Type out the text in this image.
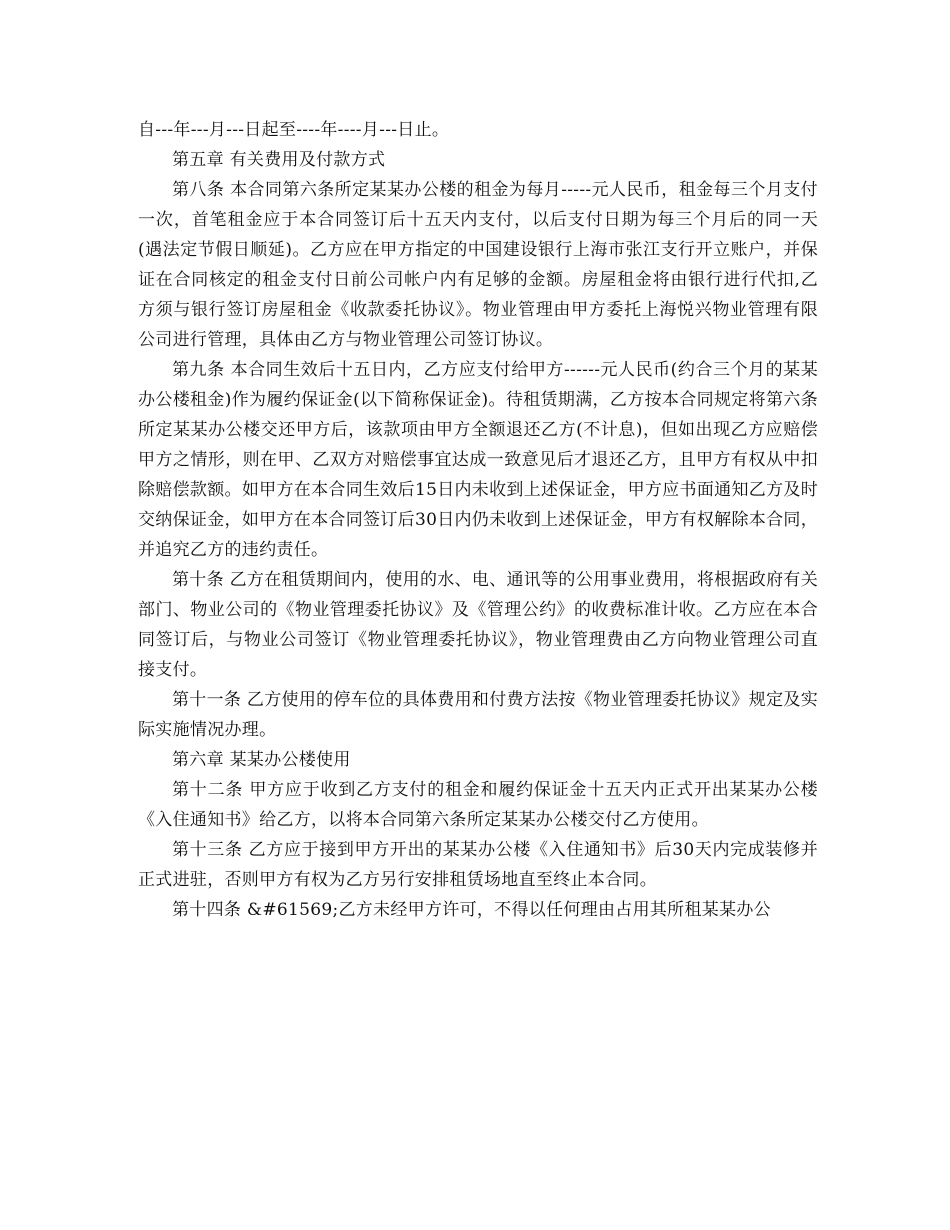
自---年---月---日起至----年----月---日止。

第五章 有关费用及付款方式

第八条 本合同第六条所定某某办公楼的租金为每月-----元人民币，租金每三个月支付一次，首笔租金应于本合同签订后十五天内支付，以后支付日期为每三个月后的同一天(遇法定节假日顺延)。乙方应在甲方指定的中国建设银行上海市张江支行开立账户，并保证在合同核定的租金支付日前公司帐户内有足够的金额。房屋租金将由银行进行代扣,乙方须与银行签订房屋租金《收款委托协议》。物业管理由甲方委托上海悦兴物业管理有限公司进行管理，具体由乙方与物业管理公司签订协议。

第九条 本合同生效后十五日内，乙方应支付给甲方------元人民币(约合三个月的某某办公楼租金)作为履约保证金(以下简称保证金)。待租赁期满，乙方按本合同规定将第六条所定某某办公楼交还甲方后，该款项由甲方全额退还乙方(不计息)，但如出现乙方应赔偿甲方之情形，则在甲、乙双方对赔偿事宜达成一致意见后才退还乙方，且甲方有权从中扣除赔偿款额。如甲方在本合同生效后15日内未收到上述保证金，甲方应书面通知乙方及时交纳保证金，如甲方在本合同签订后30日内仍未收到上述保证金，甲方有权解除本合同，并追究乙方的违约责任。

第十条 乙方在租赁期间内，使用的水、电、通讯等的公用事业费用，将根据政府有关部门、物业公司的《物业管理委托协议》及《管理公约》的收费标准计收。乙方应在本合同签订后，与物业公司签订《物业管理委托协议》，物业管理费由乙方向物业管理公司直接支付。

第十一条 乙方使用的停车位的具体费用和付费方法按《物业管理委托协议》规定及实际实施情况办理。

第六章 某某办公楼使用

第十二条 甲方应于收到乙方支付的租金和履约保证金十五天内正式开出某某办公楼《入住通知书》给乙方，以将本合同第六条所定某某办公楼交付乙方使用。

第十三条 乙方应于接到甲方开出的某某办公楼《入住通知书》后30天内完成装修并正式进驻，否则甲方有权为乙方另行安排租赁场地直至终止本合同。

第十四条 &#61569;乙方未经甲方许可，不得以任何理由占用其所租某某办公
